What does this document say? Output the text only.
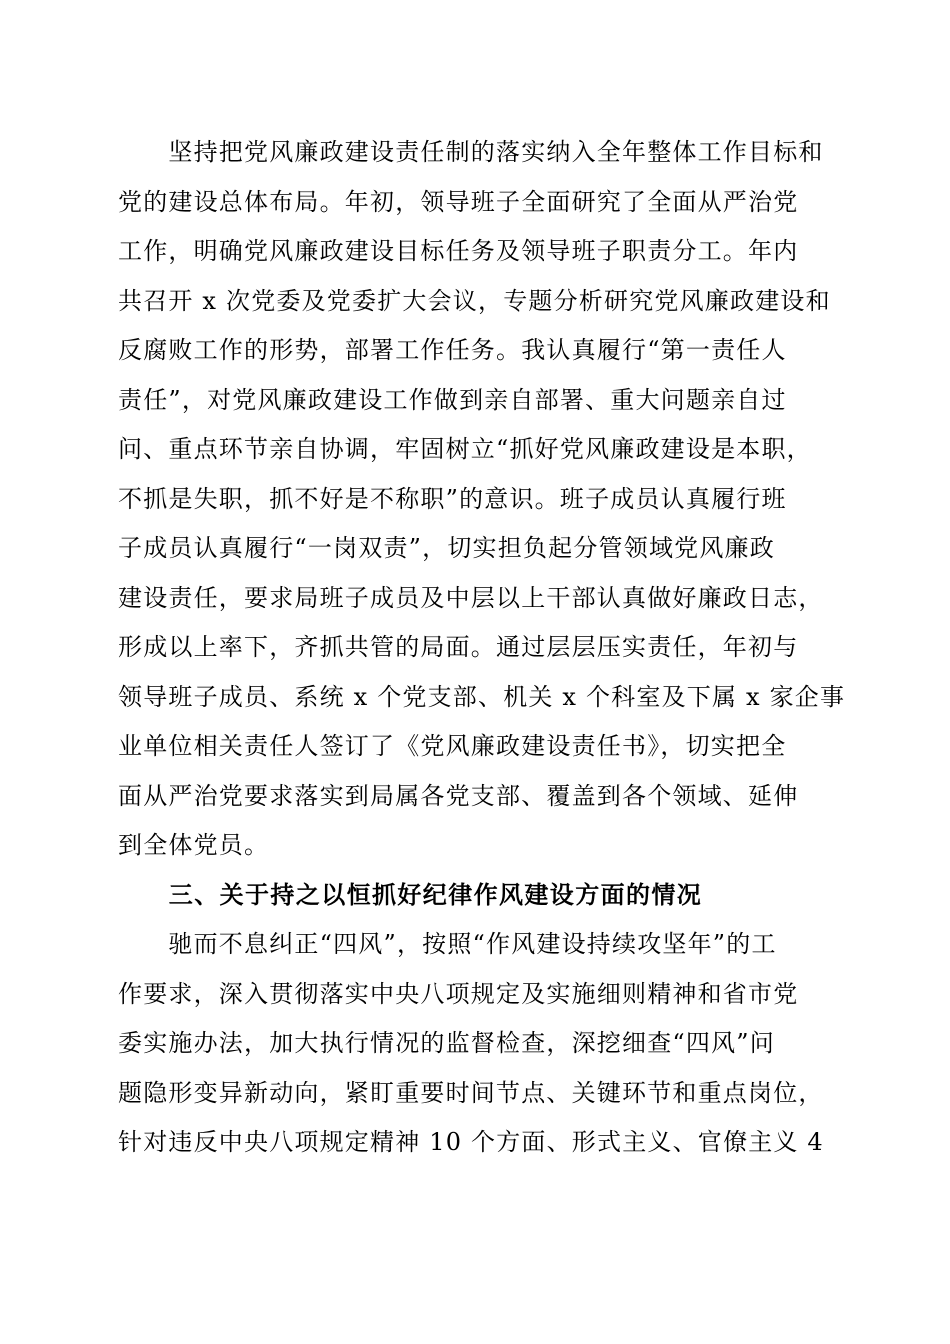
　　坚持把党风廉政建设责任制的落实纳入全年整体工作目标和
党的建设总体布局。年初，领导班子全面研究了全面从严治党
工作，明确党风廉政建设目标任务及领导班子职责分工。年内
共召开 x 次党委及党委扩大会议，专题分析研究党风廉政建设和
反腐败工作的形势，部署工作任务。我认真履行“第一责任人
责任”，对党风廉政建设工作做到亲自部署、重大问题亲自过
问、重点环节亲自协调，牢固树立“抓好党风廉政建设是本职，
不抓是失职，抓不好是不称职”的意识。班子成员认真履行班
子成员认真履行“一岗双责”，切实担负起分管领域党风廉政
建设责任，要求局班子成员及中层以上干部认真做好廉政日志，
形成以上率下，齐抓共管的局面。通过层层压实责任，年初与
领导班子成员、系统 x 个党支部、机关 x 个科室及下属 x 家企事
业单位相关责任人签订了《党风廉政建设责任书》，切实把全
面从严治党要求落实到局属各党支部、覆盖到各个领域、延伸
到全体党员。
　　三、关于持之以恒抓好纪律作风建设方面的情况
　　驰而不息纠正“四风”，按照“作风建设持续攻坚年”的工
作要求，深入贯彻落实中央八项规定及实施细则精神和省市党
委实施办法，加大执行情况的监督检查，深挖细查“四风”问
题隐形变异新动向，紧盯重要时间节点、关键环节和重点岗位，
针对违反中央八项规定精神 10 个方面、形式主义、官僚主义 4
